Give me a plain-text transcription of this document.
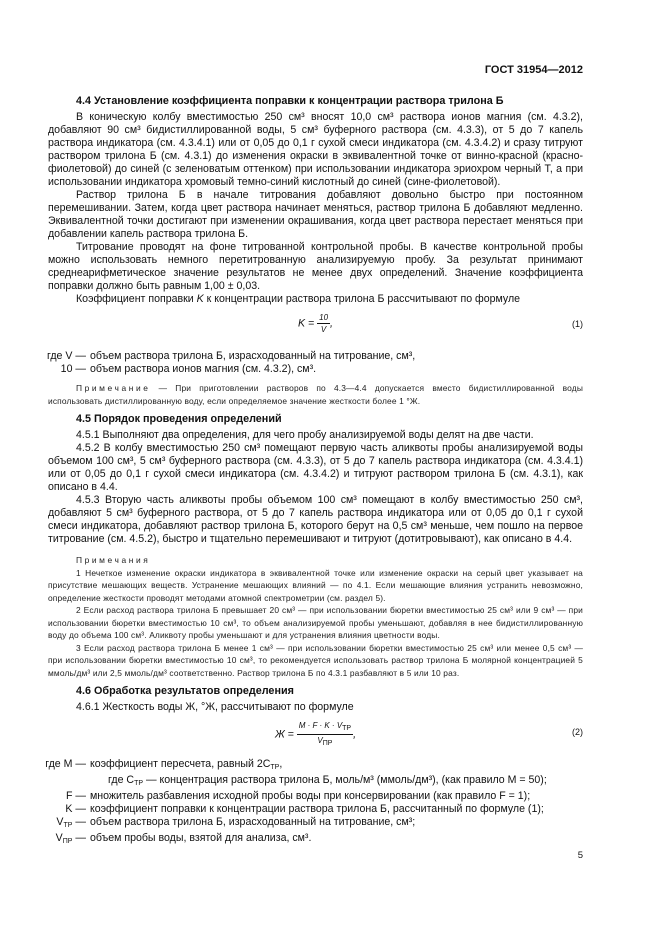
ГОСТ 31954—2012
4.4 Установление коэффициента поправки к концентрации раствора трилона Б

В коническую колбу вместимостью 250 см³ вносят 10,0 см³ раствора ионов магния (см. 4.3.2), добавляют 90 см³ бидистиллированной воды, 5 см³ буферного раствора (см. 4.3.3), от 5 до 7 капель раствора индикатора (см. 4.3.4.1) или от 0,05 до 0,1 г сухой смеси индикатора (см. 4.3.4.2) и сразу титруют раствором трилона Б (см. 4.3.1) до изменения окраски в эквивалентной точке от винно-красной (красно-фиолетовой) до синей (с зеленоватым оттенком) при использовании индикатора эриохром черный Т, а при использовании индикатора хромовый темно-синий кислотный до синей (сине-фиолетовой).

Раствор трилона Б в начале титрования добавляют довольно быстро при постоянном перемешивании. Затем, когда цвет раствора начинает меняться, раствор трилона Б добавляют медленно. Эквивалентной точки достигают при изменении окрашивания, когда цвет раствора перестает меняться при добавлении капель раствора трилона Б.

Титрование проводят на фоне титрованной контрольной пробы. В качестве контрольной пробы можно использовать немного перетитрованную анализируемую пробу. За результат принимают среднеарифметическое значение результатов не менее двух определений. Значение коэффициента поправки должно быть равным 1,00 ± 0,03.

Коэффициент поправки K к концентрации раствора трилона Б рассчитывают по формуле

$K = \frac{10}{V}$ ,	(1)
где V — объем раствора трилона Б, израсходованный на титрование, см³,
10 — объем раствора ионов магния (см. 4.3.2), см³.

Примечание — При приготовлении растворов по 4.3—4.4 допускается вместо бидистиллированной воды использовать дистиллированную воду, если определяемое значение жесткости более 1 °Ж.

4.5 Порядок проведения определений

4.5.1 Выполняют два определения, для чего пробу анализируемой воды делят на две части.

4.5.2 В колбу вместимостью 250 см³ помещают первую часть аликвоты пробы анализируемой воды объемом 100 см³, 5 см³ буферного раствора (см. 4.3.3), от 5 до 7 капель раствора индикатора (см. 4.3.4.1) или от 0,05 до 0,1 г сухой смеси индикатора (см. 4.3.4.2) и титруют раствором трилона Б (см. 4.3.1), как описано в 4.4.

4.5.3 Вторую часть аликвоты пробы объемом 100 см³ помещают в колбу вместимостью 250 см³, добавляют 5 см³ буферного раствора, от 5 до 7 капель раствора индикатора или от 0,05 до 0,1 г сухой смеси индикатора, добавляют раствор трилона Б, которого берут на 0,5 см³ меньше, чем пошло на первое титрование (см. 4.5.2), быстро и тщательно перемешивают и титруют (дотитровывают), как описано в 4.4.

Примечания

1 Нечеткое изменение окраски индикатора в эквивалентной точке или изменение окраски на серый цвет указывает на присутствие мешающих веществ. Устранение мешающих влияний — по 4.1. Если мешающие влияния устранить невозможно, определение жесткости проводят методами атомной спектрометрии (см. раздел 5).

2 Если расход раствора трилона Б превышает 20 см³ — при использовании бюретки вместимостью 25 см³ или 9 см³ — при использовании бюретки вместимостью 10 см³, то объем анализируемой пробы уменьшают, добавляя в нее бидистиллированную воду до объема 100 см³. Аликвоту пробы уменьшают и для устранения влияния цветности воды.

3 Если расход раствора трилона Б менее 1 см³ — при использовании бюретки вместимостью 25 см³ или менее 0,5 см³ — при использовании бюретки вместимостью 10 см³, то рекомендуется использовать раствор трилона Б молярной концентрацией 5 ммоль/дм³ или 2,5 ммоль/дм³ соответственно. Раствор трилона Б по 4.3.1 разбавляют в 5 или 10 раз.

4.6 Обработка результатов определения

4.6.1 Жесткость воды Ж, °Ж, рассчитывают по формуле

$Ж = \frac{\text{M · F · K · VТР}}{\text{VПР}}$ ,	(2)
где M — коэффициент пересчета, равный $2C_{ТР}$,
где $C_{ТР}$ — концентрация раствора трилона Б, моль/м³ (ммоль/дм³), (как правило M = 50);
F — множитель разбавления исходной пробы воды при консервировании (как правило F = 1);
K — коэффициент поправки к концентрации раствора трилона Б, рассчитанный по формуле (1);
$V_{ТР}$ — объем раствора трилона Б, израсходованный на титрование, см³;
$V_{ПР}$ — объем пробы воды, взятой для анализа, см³.
5
